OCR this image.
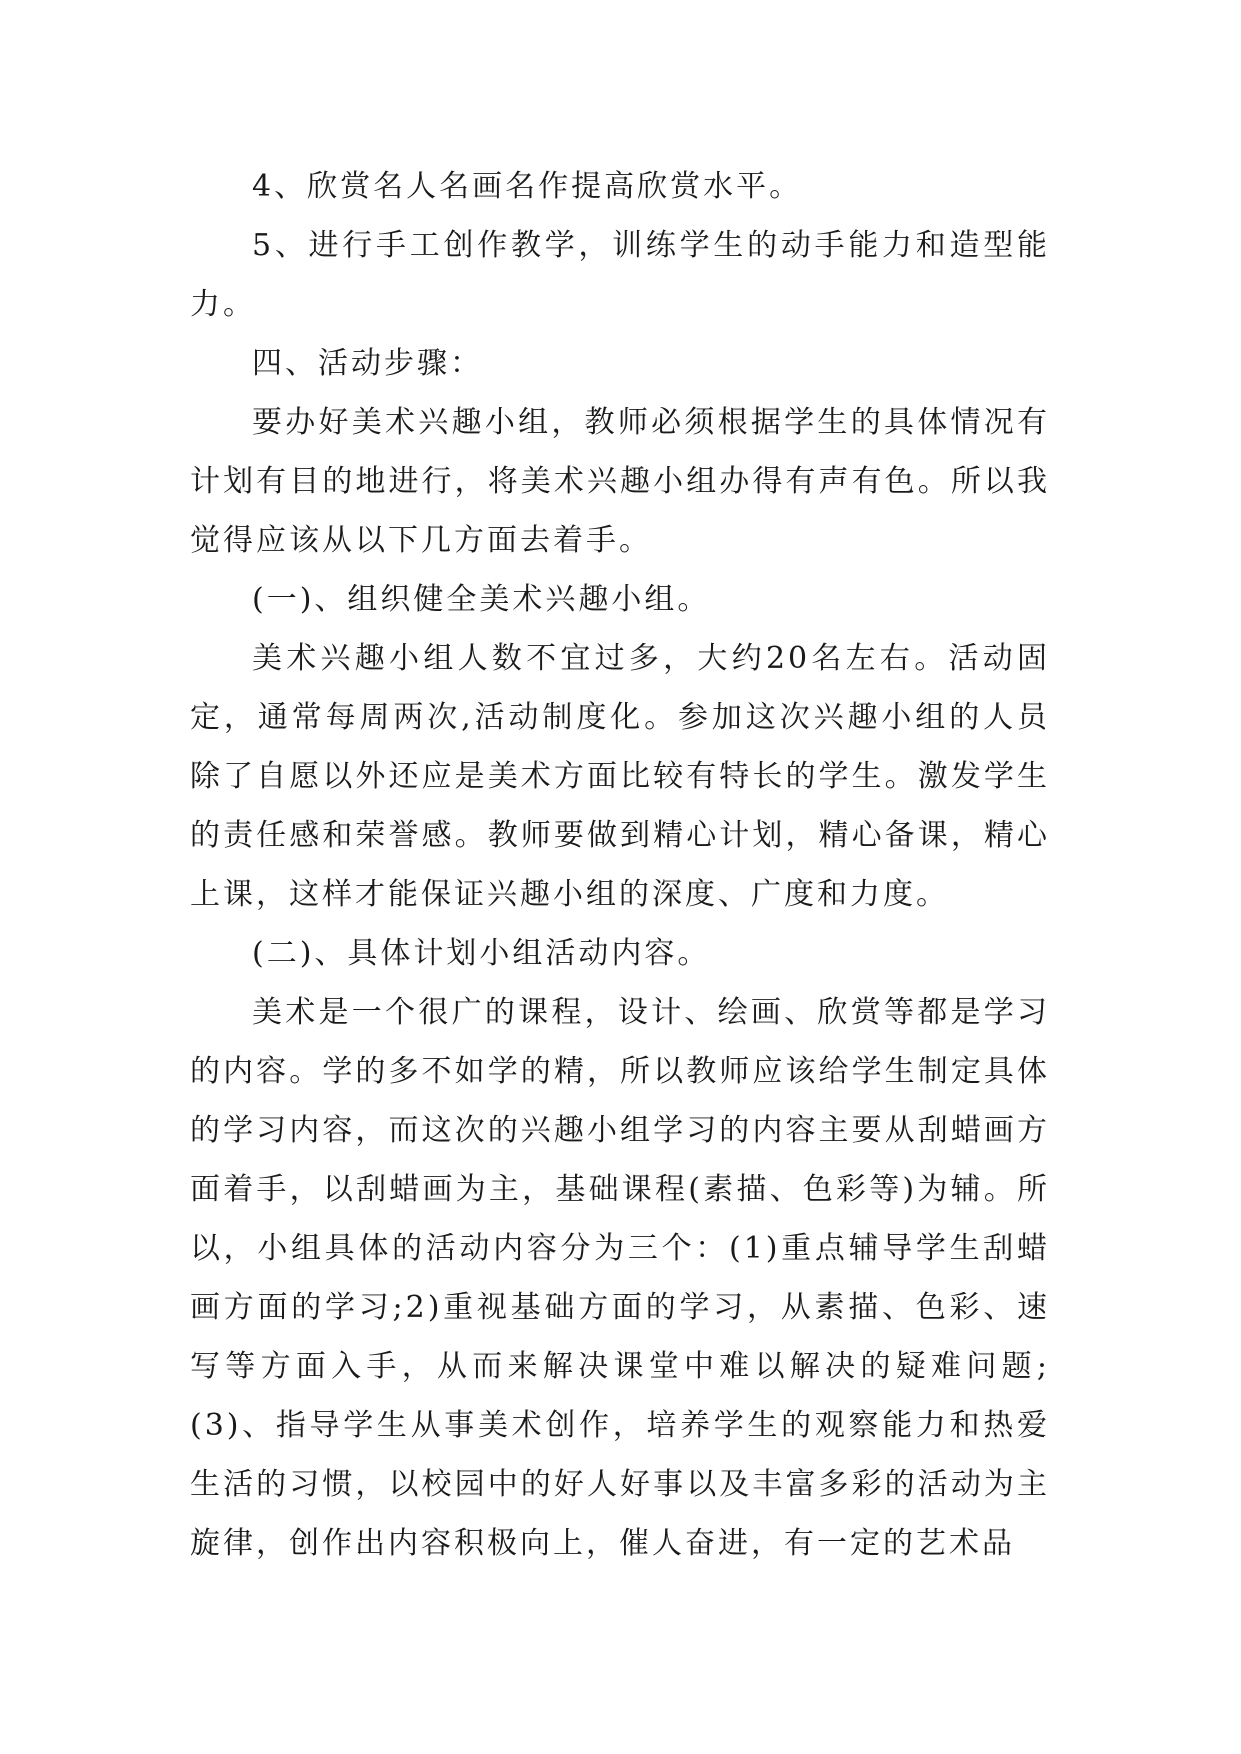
4、欣赏名人名画名作提高欣赏水平。

5、进行手工创作教学，训练学生的动手能力和造型能力。

四、活动步骤：

要办好美术兴趣小组，教师必须根据学生的具体情况有计划有目的地进行，将美术兴趣小组办得有声有色。所以我觉得应该从以下几方面去着手。

(一)、组织健全美术兴趣小组。

美术兴趣小组人数不宜过多，大约20名左右。活动固定，通常每周两次,活动制度化。参加这次兴趣小组的人员除了自愿以外还应是美术方面比较有特长的学生。激发学生的责任感和荣誉感。教师要做到精心计划，精心备课，精心上课，这样才能保证兴趣小组的深度、广度和力度。

(二)、具体计划小组活动内容。

美术是一个很广的课程，设计、绘画、欣赏等都是学习的内容。学的多不如学的精，所以教师应该给学生制定具体的学习内容，而这次的兴趣小组学习的内容主要从刮蜡画方面着手，以刮蜡画为主，基础课程(素描、色彩等)为辅。所以，小组具体的活动内容分为三个：(1)重点辅导学生刮蜡画方面的学习;2)重视基础方面的学习，从素描、色彩、速写等方面入手，从而来解决课堂中难以解决的疑难问题;(3)、指导学生从事美术创作，培养学生的观察能力和热爱生活的习惯，以校园中的好人好事以及丰富多彩的活动为主旋律，创作出内容积极向上，催人奋进，有一定的艺术品
